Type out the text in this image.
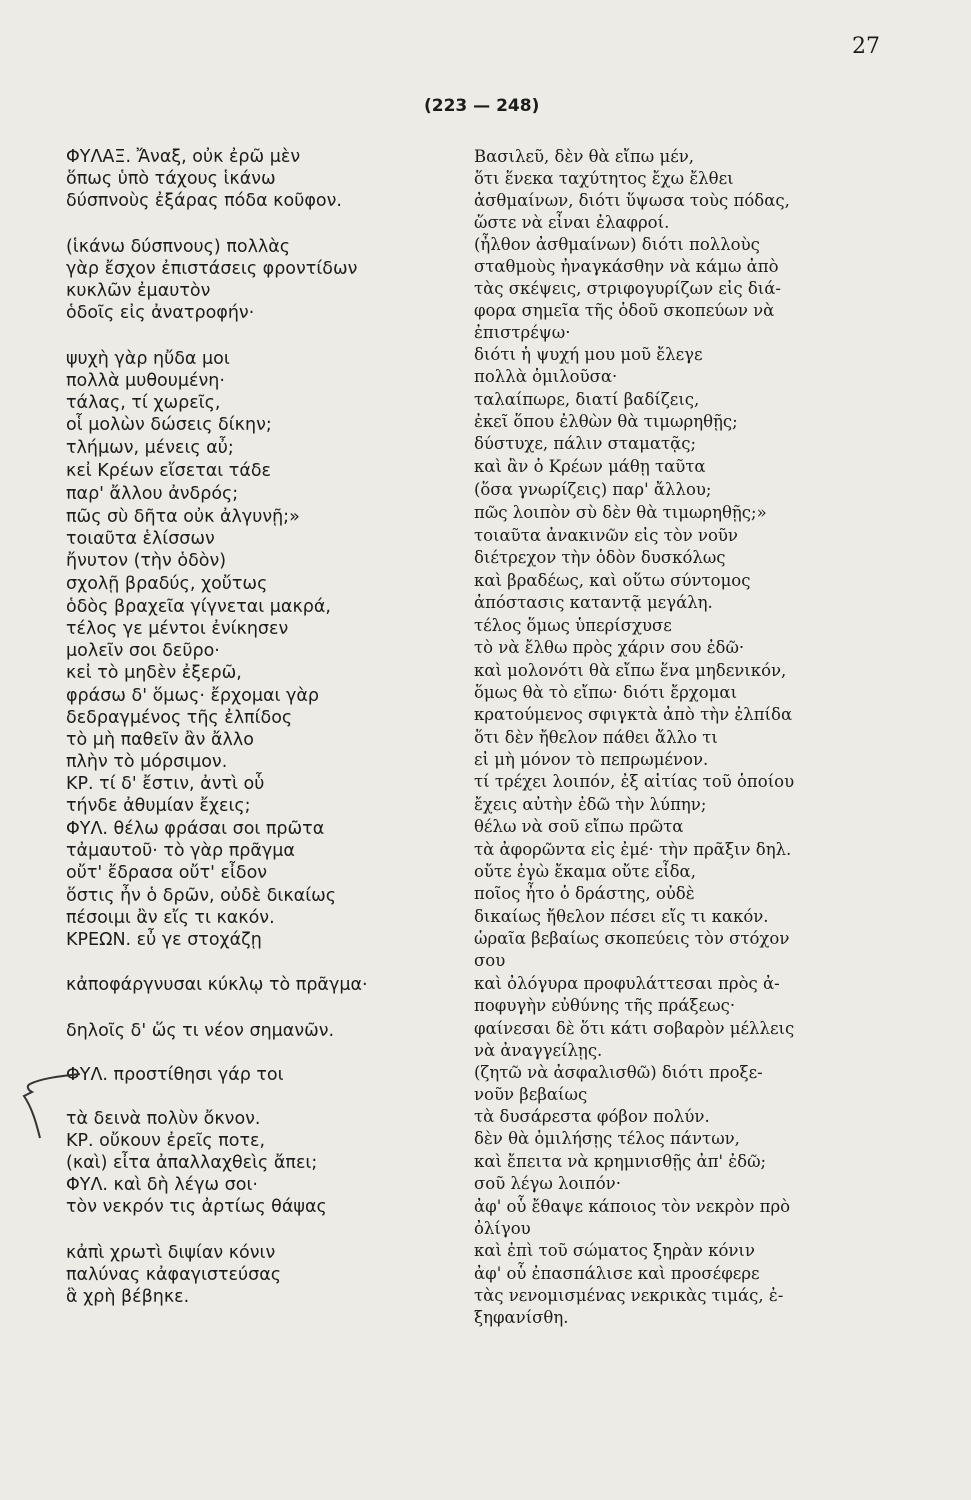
27
(223 — 248)
ΦΥΛΑΞ. Ἄναξ, οὐκ ἐρῶ μὲν
ὅπως ὑπὸ τάχους ἱκάνω
δύσπνοὺς ἐξάρας πόδα κοῦφον.
(ἱκάνω δύσπνους) πολλὰς
γὰρ ἔσχον ἐπιστάσεις φροντίδων
κυκλῶν ἐμαυτὸν
ὁδοῖς εἰς ἀνατροφήν·
ψυχὴ γὰρ ηὔδα μοι
πολλὰ μυθουμένη·
τάλας, τί χωρεῖς,
οἷ μολὼν δώσεις δίκην;
τλήμων, μένεις αὖ;
κεἰ Κρέων εἴσεται τάδε
παρ' ἄλλου ἀνδρός;
πῶς σὺ δῆτα οὐκ ἀλγυνῇ;»
τοιαῦτα ἑλίσσων
ἤνυτον (τὴν ὁδὸν)
σχολῇ βραδύς, χοὔτως
ὁδὸς βραχεῖα γίγνεται μακρά,
τέλος γε μέντοι ἐνίκησεν
μολεῖν σοι δεῦρο·
κεἰ τὸ μηδὲν ἐξερῶ,
φράσω δ' ὅμως· ἔρχομαι γὰρ
δεδραγμένος τῆς ἐλπίδος
τὸ μὴ παθεῖν ἂν ἄλλο
πλὴν τὸ μόρσιμον.
ΚΡ. τί δ' ἔστιν, ἀντὶ οὗ
τήνδε ἀθυμίαν ἔχεις;
ΦΥΛ. θέλω φράσαι σοι πρῶτα
τἀμαυτοῦ· τὸ γὰρ πρᾶγμα
οὔτ' ἔδρασα οὔτ' εἶδον
ὅστις ἦν ὁ δρῶν, οὐδὲ δικαίως
πέσοιμι ἂν εἴς τι κακόν.
ΚΡΕΩΝ. εὖ γε στοχάζῃ
κἀποφάργνυσαι κύκλῳ τὸ πρᾶγμα·
δηλοῖς δ' ὥς τι νέον σημανῶν.
ΦΥΛ. προστίθησι γάρ τοι
τὰ δεινὰ πολὺν ὄκνον.
ΚΡ. οὔκουν ἐρεῖς ποτε,
(καὶ) εἶτα ἀπαλλαχθεὶς ἄπει;
ΦΥΛ. καὶ δὴ λέγω σοι·
τὸν νεκρόν τις ἀρτίως θάψας
κἀπὶ χρωτὶ διψίαν κόνιν
παλύνας κἀφαγιστεύσας
ἃ χρὴ βέβηκε.
Βασιλεῦ, δὲν θὰ εἴπω μέν,
ὅτι ἕνεκα ταχύτητος ἔχω ἔλθει
ἀσθμαίνων, διότι ὕψωσα τοὺς πόδας,
ὥστε νὰ εἶναι ἐλαφροί.
(ἦλθον ἀσθμαίνων) διότι πολλοὺς
σταθμοὺς ἠναγκάσθην νὰ κάμω ἀπὸ
τὰς σκέψεις, στριφογυρίζων εἰς διά-
φορα σημεῖα τῆς ὁδοῦ σκοπεύων νὰ
ἐπιστρέψω·
διότι ἡ ψυχή μου μοῦ ἔλεγε
πολλὰ ὁμιλοῦσα·
ταλαίπωρε, διατί βαδίζεις,
ἐκεῖ ὅπου ἐλθὼν θὰ τιμωρηθῇς;
δύστυχε, πάλιν σταματᾷς;
καὶ ἂν ὁ Κρέων μάθῃ ταῦτα
(ὅσα γνωρίζεις) παρ' ἄλλου;
πῶς λοιπὸν σὺ δὲν θὰ τιμωρηθῇς;»
τοιαῦτα ἀνακινῶν εἰς τὸν νοῦν
διέτρεχον τὴν ὁδὸν δυσκόλως
καὶ βραδέως, καὶ οὕτω σύντομος
ἀπόστασις καταντᾷ μεγάλη.
τέλος ὅμως ὑπερίσχυσε
τὸ νὰ ἔλθω πρὸς χάριν σου ἐδῶ·
καὶ μολονότι θὰ εἴπω ἕνα μηδενικόν,
ὅμως θὰ τὸ εἴπω· διότι ἔρχομαι
κρατούμενος σφιγκτὰ ἀπὸ τὴν ἐλπίδα
ὅτι δὲν ἤθελον πάθει ἄλλο τι
εἰ μὴ μόνον τὸ πεπρωμένον.
τί τρέχει λοιπόν, ἐξ αἰτίας τοῦ ὁποίου
ἔχεις αὐτὴν ἐδῶ τὴν λύπην;
θέλω νὰ σοῦ εἴπω πρῶτα
τὰ ἀφορῶντα εἰς ἐμέ· τὴν πρᾶξιν δηλ.
οὔτε ἐγὼ ἔκαμα οὔτε εἶδα,
ποῖος ἦτο ὁ δράστης, οὐδὲ
δικαίως ἤθελον πέσει εἴς τι κακόν.
ὡραῖα βεβαίως σκοπεύεις τὸν στόχον
σου
καὶ ὀλόγυρα προφυλάττεσαι πρὸς ἀ-
ποφυγὴν εὐθύνης τῆς πράξεως·
φαίνεσαι δὲ ὅτι κάτι σοβαρὸν μέλλεις
νὰ ἀναγγείλῃς.
(ζητῶ νὰ ἀσφαλισθῶ) διότι προξε-
νοῦν βεβαίως
τὰ δυσάρεστα φόβον πολύν.
δὲν θὰ ὁμιλήσῃς τέλος πάντων,
καὶ ἔπειτα νὰ κρημνισθῇς ἀπ' ἐδῶ;
σοῦ λέγω λοιπόν·
ἀφ' οὗ ἔθαψε κάποιος τὸν νεκρὸν πρὸ
ὀλίγου
καὶ ἐπὶ τοῦ σώματος ξηρὰν κόνιν
ἀφ' οὗ ἐπασπάλισε καὶ προσέφερε
τὰς νενομισμένας νεκρικὰς τιμάς, ἐ-
ξηφανίσθη.
